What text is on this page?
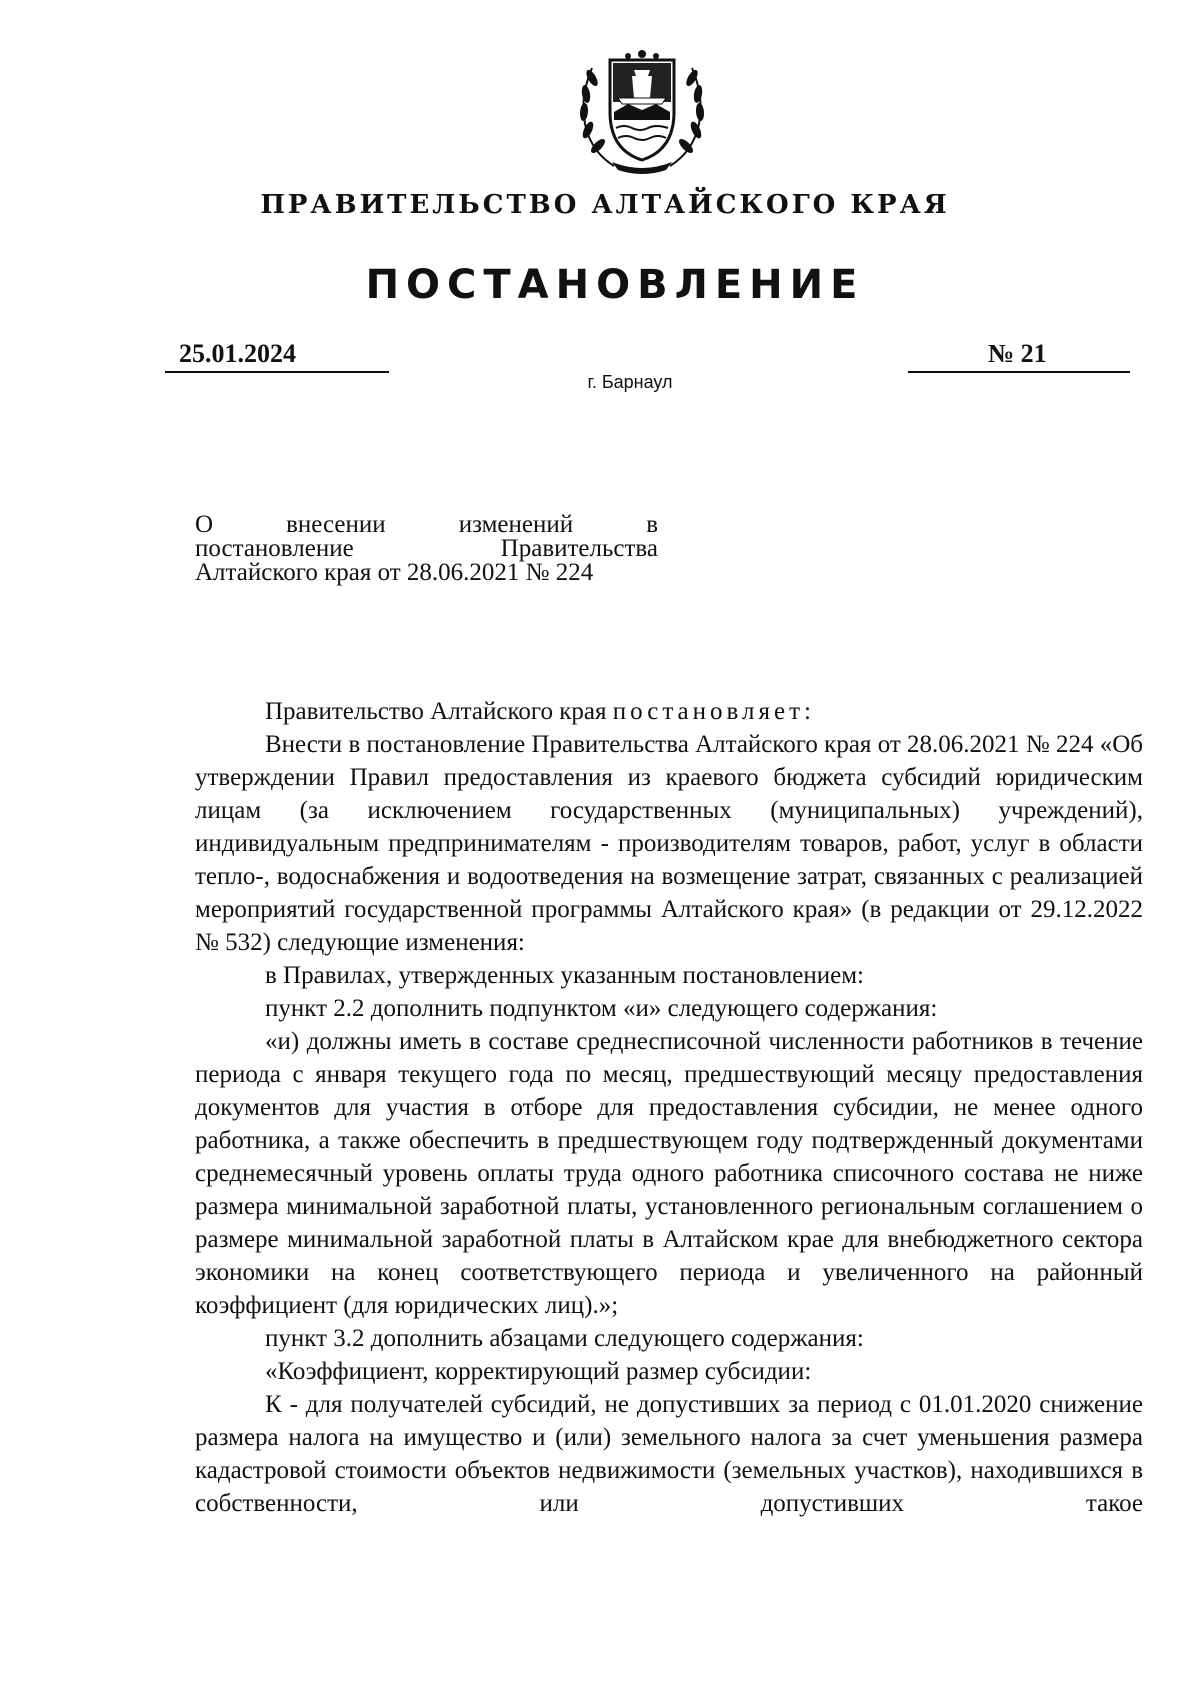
ПРАВИТЕЛЬСТВО АЛТАЙСКОГО КРАЯ
ПОСТАНОВЛЕНИЕ
25.01.2024	№ 21
г. Барнаул
О внесении изменений в
постановление Правительства
Алтайского края от 28.06.2021 № 224

Правительство Алтайского края постановляет:

Внести в постановление Правительства Алтайского края от 28.06.2021 № 224 «Об утверждении Правил предоставления из краевого бюджета субсидий юридическим лицам (за исключением государственных (муниципальных) учреждений), индивидуальным предпринимателям - производителям товаров, работ, услуг в области тепло-, водоснабжения и водоотведения на возмещение затрат, связанных с реализацией мероприятий государственной программы Алтайского края» (в редакции от 29.12.2022 № 532) следующие изменения:

в Правилах, утвержденных указанным постановлением:

пункт 2.2 дополнить подпунктом «и» следующего содержания:

«и) должны иметь в составе среднесписочной численности работников в течение периода с января текущего года по месяц, предшествующий месяцу предоставления документов для участия в отборе для предоставления субсидии, не менее одного работника, а также обеспечить в предшествующем году подтвержденный документами среднемесячный уровень оплаты труда одного работника списочного состава не ниже размера минимальной заработной платы, установленного региональным соглашением о размере минимальной заработной платы в Алтайском крае для внебюджетного сектора экономики на конец соответствующего периода и увеличенного на районный коэффициент (для юридических лиц).»;

пункт 3.2 дополнить абзацами следующего содержания:

«Коэффициент, корректирующий размер субсидии:

К - для получателей субсидий, не допустивших за период с 01.01.2020 снижение размера налога на имущество и (или) земельного налога за счет уменьшения размера кадастровой стоимости объектов недвижимости (земельных участков), находившихся в собственности, или допустивших такое
